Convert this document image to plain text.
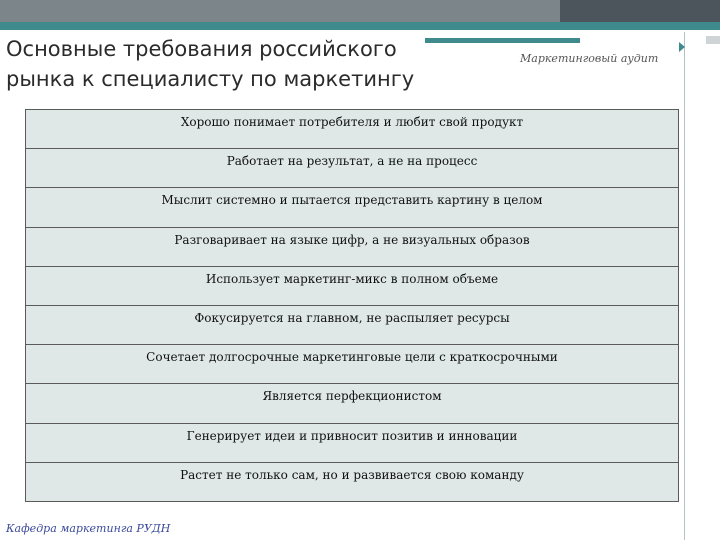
Основные требования российского рынка к специалисту по маркетингу
Маркетинговый аудит
Хорошо понимает потребителя и любит свой продукт
Работает на результат, а не на процесс
Мыслит системно и пытается представить картину в целом
Разговаривает на языке цифр, а не визуальных образов
Использует маркетинг-микс в полном объеме
Фокусируется на главном, не распыляет ресурсы
Сочетает долгосрочные маркетинговые цели с краткосрочными
Является перфекционистом
Генерирует идеи и привносит позитив и инновации
Растет не только сам, но и развивается свою команду
Кафедра маркетинга РУДН
